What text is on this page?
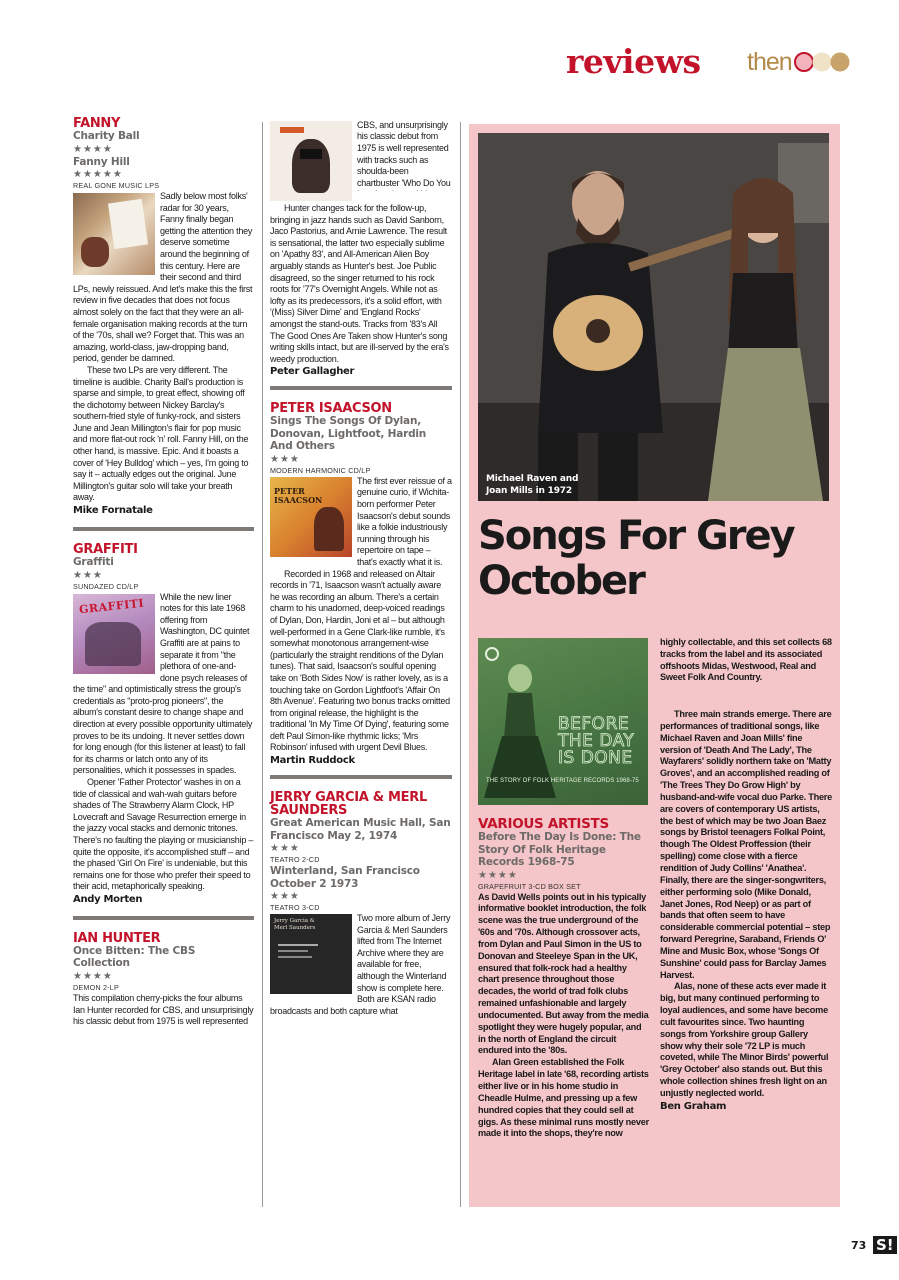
reviews then
FANNY
Charity Ball
★★★★
Fanny Hill
★★★★★
REAL GONE MUSIC LPS

Sadly below most folks' radar for 30 years, Fanny finally began getting the attention they deserve sometime around the beginning of this century. Here are their second and third LPs, newly reissued. And let's make this the first review in five decades that does not focus almost solely on the fact that they were an all-female organisation making records at the turn of the '70s, shall we? Forget that. This was an amazing, world-class, jaw-dropping band, period, gender be damned.

These two LPs are very different. The timeline is audible. Charity Ball's production is sparse and simple, to great effect, showing off the dichotomy between Nickey Barclay's southern-fried style of funky-rock, and sisters June and Jean Millington's flair for pop music and more flat-out rock 'n' roll. Fanny Hill, on the other hand, is massive. Epic. And it boasts a cover of 'Hey Bulldog' which – yes, I'm going to say it – actually edges out the original. June Millington's guitar solo will take your breath away.

Mike Fornatale
GRAFFITI
Graffiti
★★★
SUNDAZED CD/LP
GRAFFITI	While the new liner notes for this late 1968 offering from Washington, DC quintet Graffiti are at pains to separate it from "the plethora of one-and-done psych releases of the time" and optimistically stress the group's credentials as "proto-prog pioneers", the album's constant desire to change shape and direction at every possible opportunity ultimately proves to be its undoing. It never settles down for long enough (for this listener at least) to fall for its charms or latch onto any of its personalities, which it possesses in spades.

Opener 'Father Protector' washes in on a tide of classical and wah-wah guitars before shades of The Strawberry Alarm Clock, HP Lovecraft and Savage Resurrection emerge in the jazzy vocal stacks and demonic tritones. There's no faulting the playing or musicianship – quite the opposite, it's accomplished stuff – and the phased 'Girl On Fire' is undeniable, but this remains one for those who prefer their speed to their acid, metaphorically speaking.

Andy Morten
IAN HUNTER
Once Bitten: The CBS Collection
★★★★
DEMON 2-LP

This compilation cherry-picks the four albums Ian Hunter recorded for CBS, and unsurprisingly his classic debut from 1975 is well represented

CBS, and unsurprisingly his classic debut from 1975 is well represented with tracks such as shoulda-been chartbuster 'Who Do You

Hunter changes tack for the follow-up, bringing in jazz hands such as David Sanborn, Jaco Pastorius, and Arnie Lawrence. The result is sensational, the latter two especially sublime on 'Apathy 83', and All-American Alien Boy arguably stands as Hunter's best. Joe Public disagreed, so the singer returned to his rock roots for '77's Overnight Angels. While not as lofty as its predecessors, it's a solid effort, with '(Miss) Silver Dime' and 'England Rocks' amongst the stand-outs. Tracks from '83's All The Good Ones Are Taken show Hunter's song writing skills intact, but are ill-served by the era's weedy production.

Peter Gallagher
PETER ISAACSON
Sings The Songs Of Dylan, Donovan, Lightfoot, Hardin And Others
★★★
MODERN HARMONIC CD/LP
PETER ISAACSON

The first ever reissue of a genuine curio, if Wichita-born performer Peter Isaacson's debut sounds like a folkie industriously running through his repertoire on tape – that's exactly what it is.

Recorded in 1968 and released on Altair records in '71, Isaacson wasn't actually aware he was recording an album. There's a certain charm to his unadorned, deep-voiced readings of Dylan, Don, Hardin, Joni et al – but although well-performed in a Gene Clark-like rumble, it's somewhat monotonous arrangement-wise (particularly the straight renditions of the Dylan tunes). That said, Isaacson's soulful opening take on 'Both Sides Now' is rather lovely, as is a touching take on Gordon Lightfoot's 'Affair On 8th Avenue'. Featuring two bonus tracks omitted from original release, the highlight is the traditional 'In My Time Of Dying', featuring some deft Paul Simon-like rhythmic licks; 'Mrs Robinson' infused with urgent Devil Blues.

Martin Ruddock
JERRY GARCIA & MERL SAUNDERS
Great American Music Hall, San Francisco May 2, 1974
★★★
TEATRO 2-CD
Winterland, San Francisco October 2 1973
★★★
TEATRO 3-CD
Jerry Garcia & Merl Saunders

Two more album of Jerry Garcia & Merl Saunders lifted from The Internet Archive where they are available for free, although the Winterland show is complete here. Both are KSAN radio broadcasts and both capture what

Michael Raven and Joan Mills in 1972
Songs For Grey October
BEFORE
THE DAY
IS DONE
THE STORY OF FOLK HERITAGE RECORDS 1968-75
VARIOUS ARTISTS
Before The Day Is Done: The Story Of Folk Heritage Records 1968-75
★★★★
GRAPEFRUIT 3-CD BOX SET

As David Wells points out in his typically informative booklet introduction, the folk scene was the true underground of the '60s and '70s. Although crossover acts, from Dylan and Paul Simon in the US to Donovan and Steeleye Span in the UK, ensured that folk-rock had a healthy chart presence throughout those decades, the world of trad folk clubs remained unfashionable and largely undocumented. But away from the media spotlight they were hugely popular, and in the north of England the circuit endured into the '80s.

Alan Green established the Folk Heritage label in late '68, recording artists either live or in his home studio in Cheadle Hulme, and pressing up a few hundred copies that they could sell at gigs. As these minimal runs mostly never made it into the shops, they're now
highly collectable, and this set collects 68 tracks from the label and its associated offshoots Midas, Westwood, Real and Sweet Folk And Country.

Three main strands emerge. There are performances of traditional songs, like Michael Raven and Joan Mills' fine version of 'Death And The Lady', The Wayfarers' solidly northern take on 'Matty Groves', and an accomplished reading of 'The Trees They Do Grow High' by husband-and-wife vocal duo Parke. There are covers of contemporary US artists, the best of which may be two Joan Baez songs by Bristol teenagers Folkal Point, though The Oldest Proffession (their spelling) come close with a fierce rendition of Judy Collins' 'Anathea'. Finally, there are the singer-songwriters, either performing solo (Mike Donald, Janet Jones, Rod Neep) or as part of bands that often seem to have considerable commercial potential – step forward Peregrine, Saraband, Friends O' Mine and Music Box, whose 'Songs Of Sunshine' could pass for Barclay James Harvest.

Alas, none of these acts ever made it big, but many continued performing to loyal audiences, and some have become cult favourites since. Two haunting songs from Yorkshire group Gallery show why their sole '72 LP is much coveted, while The Minor Birds' powerful 'Grey October' also stands out. But this whole collection shines fresh light on an unjustly neglected world.

Ben Graham
73 S!
